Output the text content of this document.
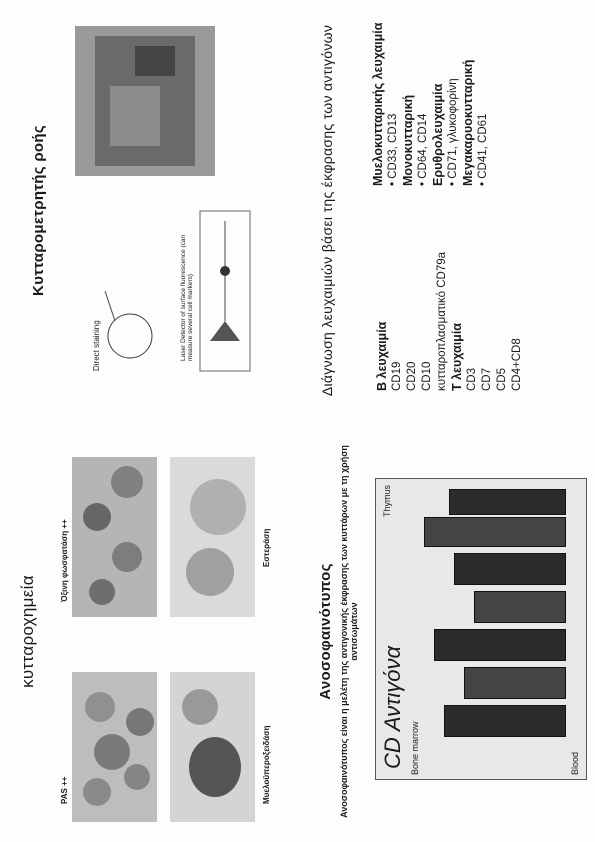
κυτταροχημεία
PAS ++
Όξινη φωσφατάση ++
Μυελοϋπεροξειδάση
Εστεράση
Κυτταρομετρητής ροής
Direct staining	Laser Detector of surface fluorescence (can measure several cell markers)
Ανοσοφαινότυπος Ανοσοφαινότυπος είναι η μελέτη της αντιγονικής έκφρασης των κυττάρων με τη χρήση αντισωμάτων
CD Αντιγόνα Bone marrow
Thymus
Blood
Διάγνωση λευχαιμιών βάσει της έκφρασης των αντιγόνων	Β λευχαιμία CD19 CD20 CD10 κυτταροπλασματικό CD79a Τ λευχαιμία CD3 CD7 CD5 CD4+CD8
Μυελοκυτταρικής λευχαιμία • CD33, CD13 Μονοκυτταρική • CD64, CD14 Ερυθρολευχαιμία • CD71, γλυκοφορίνη Μεγακαρυοκυτταρική • CD41, CD61
